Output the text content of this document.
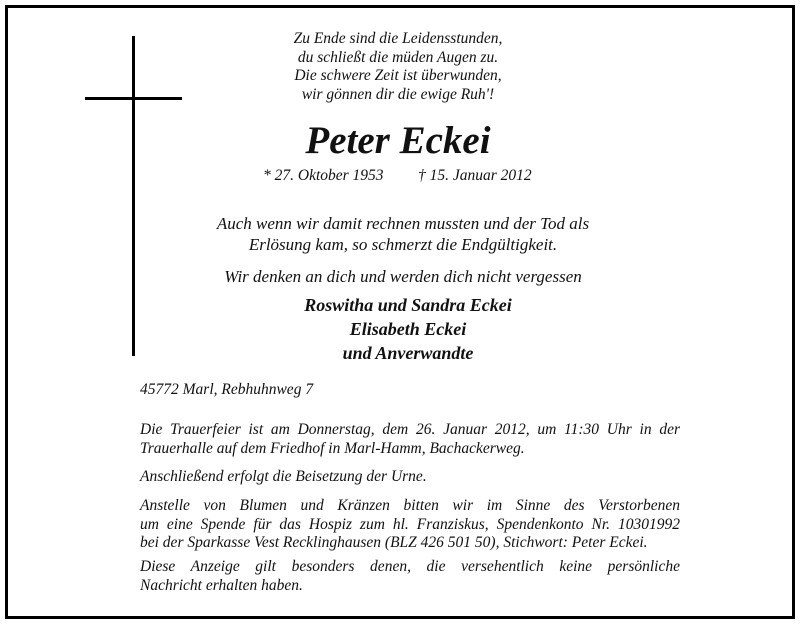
Zu Ende sind die Leidensstunden,
du schließt die müden Augen zu.
Die schwere Zeit ist überwunden,
wir gönnen dir die ewige Ruh'!
Peter Eckei
* 27. Oktober 1953 † 15. Januar 2012
Auch wenn wir damit rechnen mussten und der Tod als
Erlösung kam, so schmerzt die Endgültigkeit.
Wir denken an dich und werden dich nicht vergessen
Roswitha und Sandra Eckei
Elisabeth Eckei
und Anverwandte
45772 Marl, Rebhuhnweg 7
Die Trauerfeier ist am Donnerstag, dem 26. Januar 2012, um 11:30 Uhr in der
Trauerhalle auf dem Friedhof in Marl-Hamm, Bachackerweg.
Anschließend erfolgt die Beisetzung der Urne.
Anstelle von Blumen und Kränzen bitten wir im Sinne des Verstorbenen
um eine Spende für das Hospiz zum hl. Franziskus, Spendenkonto Nr. 10301992
bei der Sparkasse Vest Recklinghausen (BLZ 426 501 50), Stichwort: Peter Eckei.
Diese Anzeige gilt besonders denen, die versehentlich keine persönliche
Nachricht erhalten haben.
